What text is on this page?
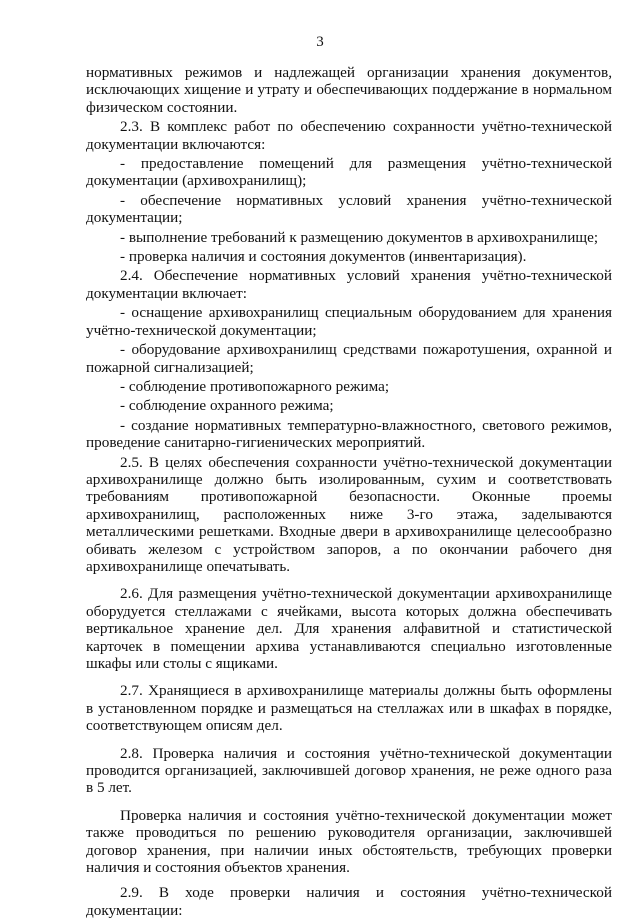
3

нормативных режимов и надлежащей организации хранения документов, исключающих хищение и утрату и обеспечивающих поддержание в нормальном физическом состоянии.

2.3. В комплекс работ по обеспечению сохранности учётно-технической документации включаются:

- предоставление помещений для размещения учётно-технической документации (архивохранилищ);

- обеспечение нормативных условий хранения учётно-технической документации;

- выполнение требований к размещению документов в архивохранилище;

- проверка наличия и состояния документов (инвентаризация).

2.4. Обеспечение нормативных условий хранения учётно-технической документации включает:

- оснащение архивохранилищ специальным оборудованием для хранения учётно-технической документации;

- оборудование архивохранилищ средствами пожаротушения, охранной и пожарной сигнализацией;

- соблюдение противопожарного режима;

- соблюдение охранного режима;

- создание нормативных температурно-влажностного, светового режимов, проведение санитарно-гигиенических мероприятий.

2.5. В целях обеспечения сохранности учётно-технической документации архивохранилище должно быть изолированным, сухим и соответствовать требованиям противопожарной безопасности. Оконные проемы архивохранилищ, расположенных ниже 3-го этажа, заделываются металлическими решетками. Входные двери в архивохранилище целесообразно обивать железом с устройством запоров, а по окончании рабочего дня архивохранилище опечатывать.

2.6. Для размещения учётно-технической документации архивохранилище оборудуется стеллажами с ячейками, высота которых должна обеспечивать вертикальное хранение дел. Для хранения алфавитной и статистической карточек в помещении архива устанавливаются специально изготовленные шкафы или столы с ящиками.

2.7. Хранящиеся в архивохранилище материалы должны быть оформлены в установленном порядке и размещаться на стеллажах или в шкафах в порядке, соответствующем описям дел.

2.8. Проверка наличия и состояния учётно-технической документации проводится организацией, заключившей договор хранения, не реже одного раза в 5 лет.

Проверка наличия и состояния учётно-технической документации может также проводиться по решению руководителя организации, заключившей договор хранения, при наличии иных обстоятельств, требующих проверки наличия и состояния объектов хранения.

2.9. В ходе проверки наличия и состояния учётно-технической документации:
